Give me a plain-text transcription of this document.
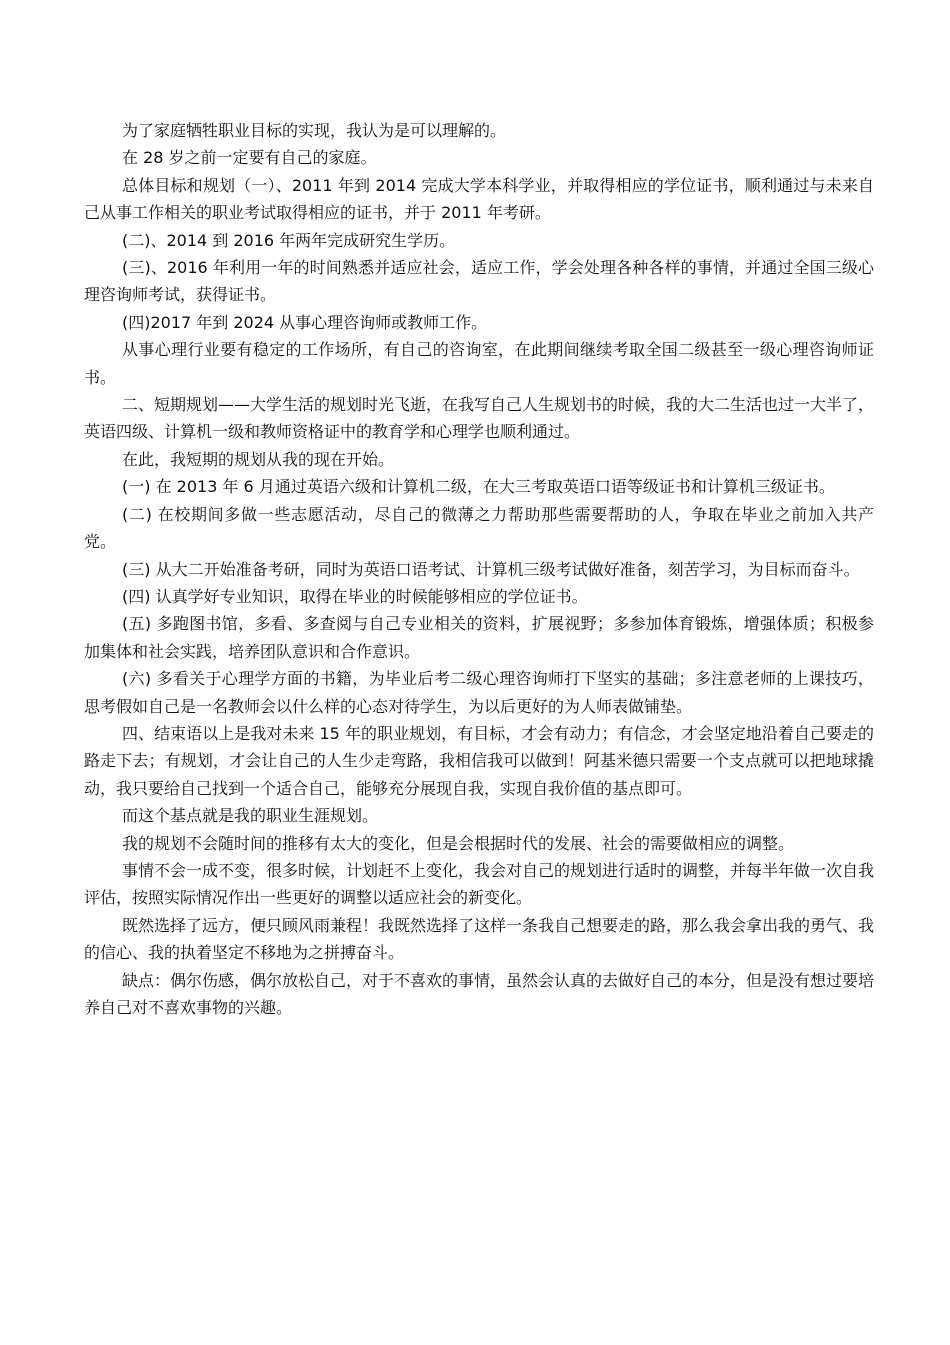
为了家庭牺牲职业目标的实现，我认为是可以理解的。

在 28 岁之前一定要有自己的家庭。

总体目标和规划（一）、2011 年到 2014 完成大学本科学业，并取得相应的学位证书，顺利通过与未来自己从事工作相关的职业考试取得相应的证书，并于 2011 年考研。

(二)、2014 到 2016 年两年完成研究生学历。

(三)、2016 年利用一年的时间熟悉并适应社会，适应工作，学会处理各种各样的事情，并通过全国三级心理咨询师考试，获得证书。

(四)2017 年到 2024 从事心理咨询师或教师工作。

从事心理行业要有稳定的工作场所，有自己的咨询室，在此期间继续考取全国二级甚至一级心理咨询师证书。

二、短期规划——大学生活的规划时光飞逝，在我写自己人生规划书的时候，我的大二生活也过一大半了，英语四级、计算机一级和教师资格证中的教育学和心理学也顺利通过。

在此，我短期的规划从我的现在开始。

(一) 在 2013 年 6 月通过英语六级和计算机二级，在大三考取英语口语等级证书和计算机三级证书。

(二) 在校期间多做一些志愿活动，尽自己的微薄之力帮助那些需要帮助的人，争取在毕业之前加入共产党。

(三) 从大二开始准备考研，同时为英语口语考试、计算机三级考试做好准备，刻苦学习，为目标而奋斗。

(四) 认真学好专业知识，取得在毕业的时候能够相应的学位证书。

(五) 多跑图书馆，多看、多查阅与自己专业相关的资料，扩展视野；多参加体育锻炼，增强体质；积极参加集体和社会实践，培养团队意识和合作意识。

(六) 多看关于心理学方面的书籍，为毕业后考二级心理咨询师打下坚实的基础；多注意老师的上课技巧，思考假如自己是一名教师会以什么样的心态对待学生，为以后更好的为人师表做铺垫。

四、结束语以上是我对未来 15 年的职业规划，有目标，才会有动力；有信念，才会坚定地沿着自己要走的路走下去；有规划，才会让自己的人生少走弯路，我相信我可以做到！阿基米德只需要一个支点就可以把地球撬动，我只要给自己找到一个适合自己，能够充分展现自我，实现自我价值的基点即可。

而这个基点就是我的职业生涯规划。

我的规划不会随时间的推移有太大的变化，但是会根据时代的发展、社会的需要做相应的调整。

事情不会一成不变，很多时候，计划赶不上变化，我会对自己的规划进行适时的调整，并每半年做一次自我评估，按照实际情况作出一些更好的调整以适应社会的新变化。

既然选择了远方，便只顾风雨兼程！我既然选择了这样一条我自己想要走的路，那么我会拿出我的勇气、我的信心、我的执着坚定不移地为之拼搏奋斗。

缺点：偶尔伤感，偶尔放松自己，对于不喜欢的事情，虽然会认真的去做好自己的本分，但是没有想过要培养自己对不喜欢事物的兴趣。
